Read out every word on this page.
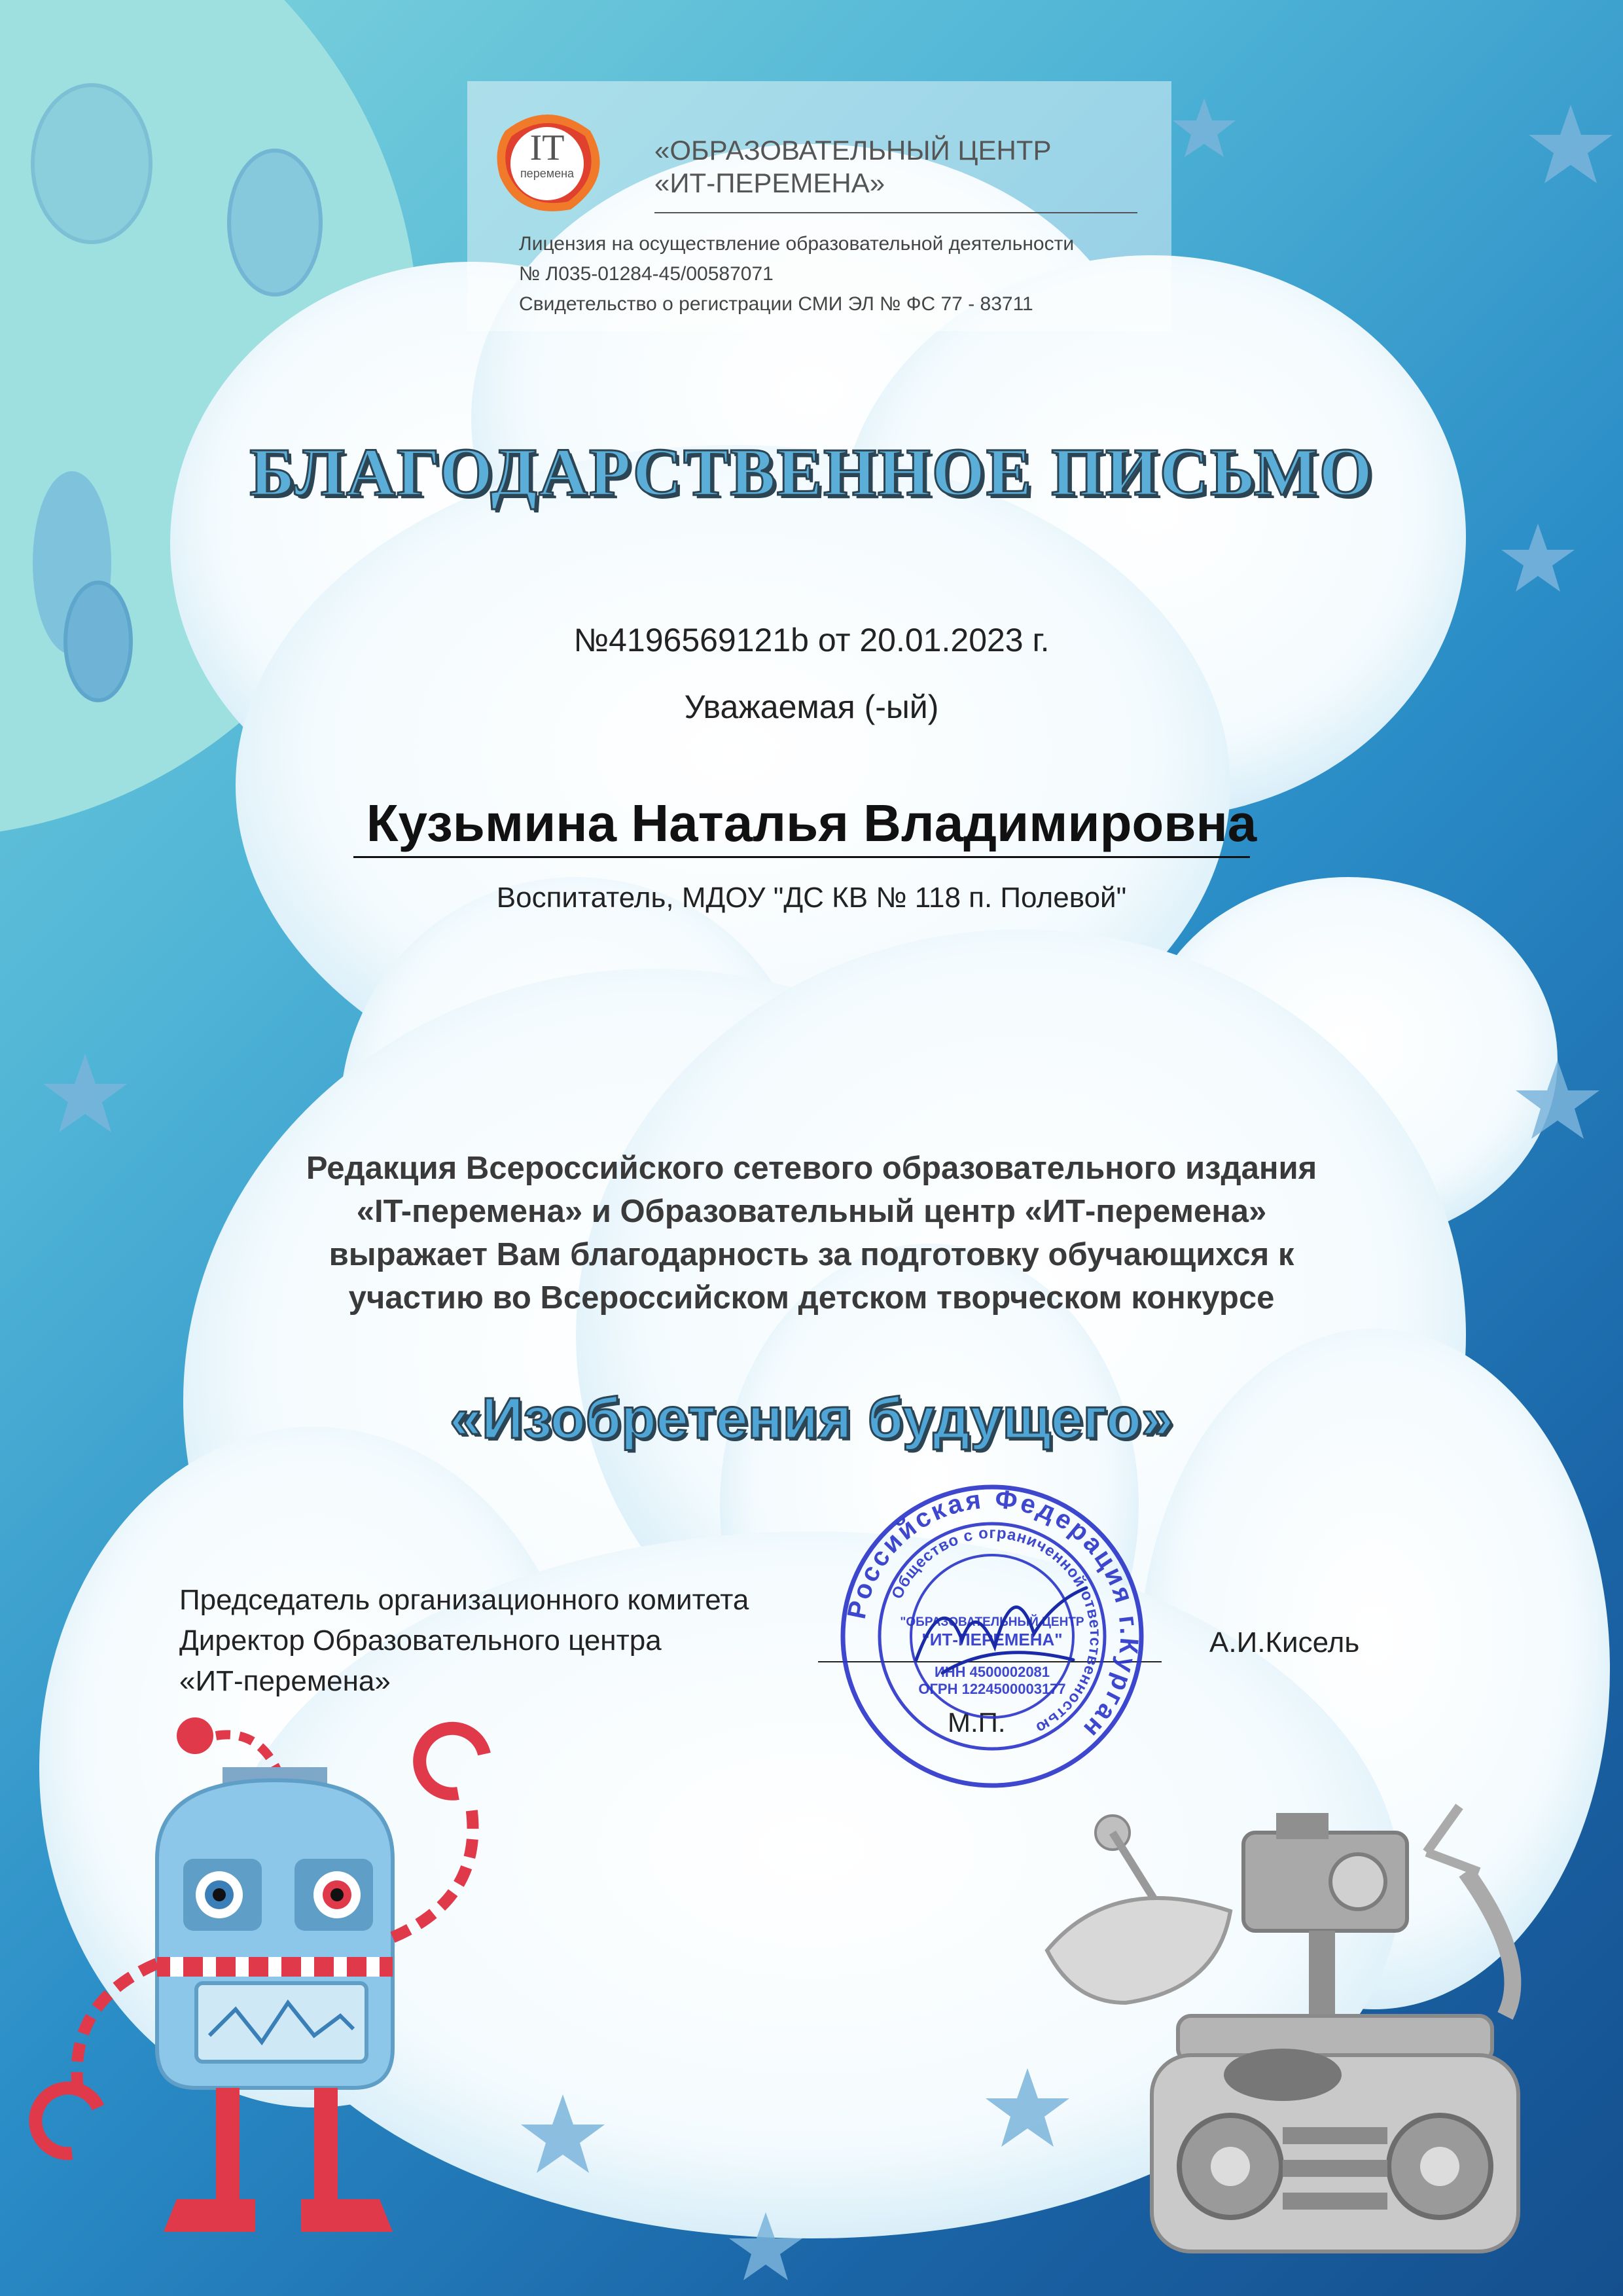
IT
перемена
«ОБРАЗОВАТЕЛЬНЫЙ ЦЕНТР
«ИТ-ПЕРЕМЕНА»
Лицензия на осуществление образовательной деятельности
№ Л035-01284-45/00587071
Свидетельство о регистрации СМИ ЭЛ № ФС 77 - 83711
БЛАГОДАРСТВЕННОЕ ПИСЬМО
№4196569121b от 20.01.2023 г.
Уважаемая (-ый)
Кузьмина Наталья Владимировна
Воспитатель, МДОУ "ДС КВ № 118 п. Полевой"
Редакция Всероссийского сетевого образовательного издания
«IT-перемена» и Образовательный центр «ИТ-перемена»
выражает Вам благодарность за подготовку обучающихся к
участию во Всероссийском детском творческом конкурсе
«Изобретения будущего»
Председатель организационного комитета
Директор Образовательного центра
«ИТ-перемена»
М.П.
А.И.Кисель
Российская Федерация г.Курган
Общество с ограниченной ответственностью
"ОБРАЗОВАТЕЛЬНЫЙ ЦЕНТР
"ИТ-ПЕРЕМЕНА"
ИНН 4500002081
ОГРН 1224500003177
